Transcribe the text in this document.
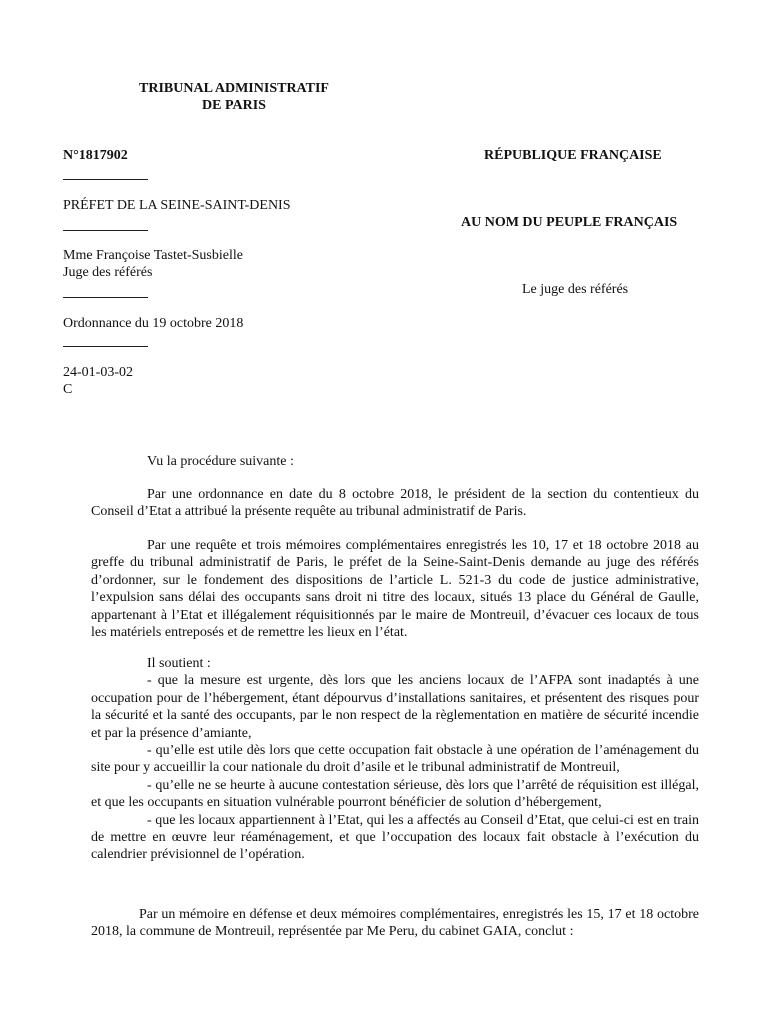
TRIBUNAL ADMINISTRATIF
DE PARIS
N°1817902	RÉPUBLIQUE FRANÇAISE
PRÉFET DE LA SEINE-SAINT-DENIS
AU NOM DU PEUPLE FRANÇAIS
Mme Françoise Tastet-Susbielle
Juge des référés
Le juge des référés
Ordonnance du 19 octobre 2018
24-01-03-02
C
Vu la procédure suivante :

Par une ordonnance en date du 8 octobre 2018, le président de la section du contentieux du Conseil d’Etat a attribué la présente requête au tribunal administratif de Paris.

Par une requête et trois mémoires complémentaires enregistrés les 10, 17 et 18 octobre 2018 au greffe du tribunal administratif de Paris, le préfet de la Seine-Saint-Denis demande au juge des référés d’ordonner, sur le fondement des dispositions de l’article L. 521-3 du code de justice administrative, l’expulsion sans délai des occupants sans droit ni titre des locaux, situés 13 place du Général de Gaulle, appartenant à l’Etat et illégalement réquisitionnés par le maire de Montreuil, d’évacuer ces locaux de tous les matériels entreposés et de remettre les lieux en l’état.

Il soutient :

- que la mesure est urgente, dès lors que les anciens locaux de l’AFPA sont inadaptés à une occupation pour de l’hébergement, étant dépourvus d’installations sanitaires, et présentent des risques pour la sécurité et la santé des occupants, par le non respect de la règlementation en matière de sécurité incendie et par la présence d’amiante,

- qu’elle est utile dès lors que cette occupation fait obstacle à une opération de l’aménagement du site pour y accueillir la cour nationale du droit d’asile et le tribunal administratif de Montreuil,

- qu’elle ne se heurte à aucune contestation sérieuse, dès lors que l’arrêté de réquisition est illégal, et que les occupants en situation vulnérable pourront bénéficier de solution d’hébergement,

- que les locaux appartiennent à l’Etat, qui les a affectés au Conseil d’Etat, que celui-ci est en train de mettre en œuvre leur réaménagement, et que l’occupation des locaux fait obstacle à l’exécution du calendrier prévisionnel de l’opération.

Par un mémoire en défense et deux mémoires complémentaires, enregistrés les 15, 17 et 18 octobre 2018, la commune de Montreuil, représentée par Me Peru, du cabinet GAIA, conclut :
